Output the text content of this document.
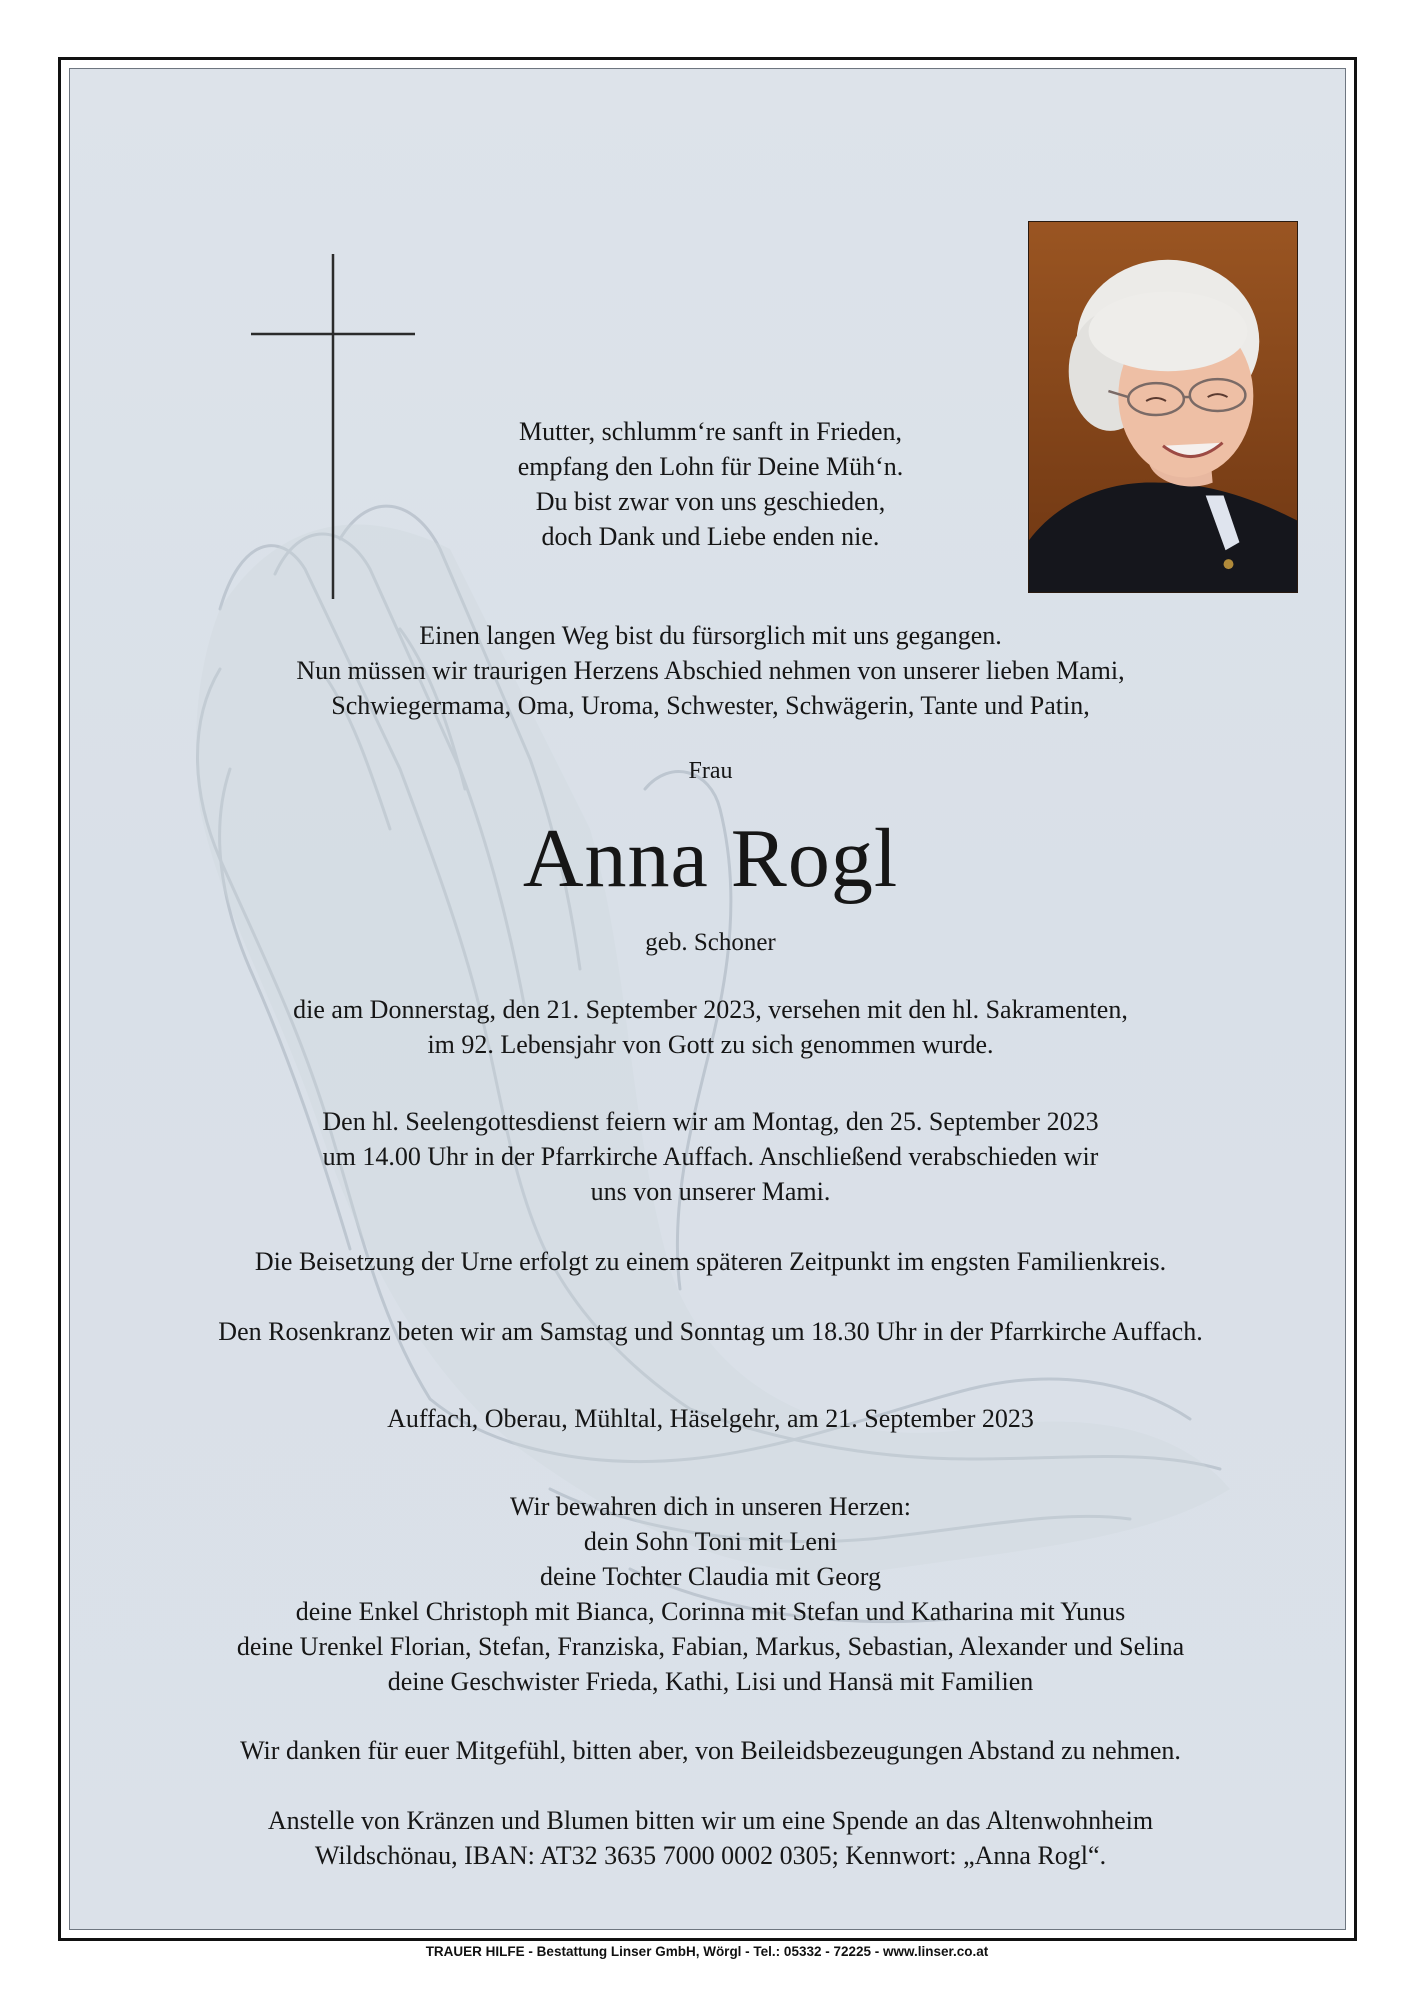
Mutter, schlumm‘re sanft in Frieden,

empfang den Lohn für Deine Müh‘n.

Du bist zwar von uns geschieden,

doch Dank und Liebe enden nie.

Einen langen Weg bist du fürsorglich mit uns gegangen.

Nun müssen wir traurigen Herzens Abschied nehmen von unserer lieben Mami,

Schwiegermama, Oma, Uroma, Schwester, Schwägerin, Tante und Patin,

Frau
Anna Rogl
geb. Schoner

die am Donnerstag, den 21. September 2023, versehen mit den hl. Sakramenten,

im 92. Lebensjahr von Gott zu sich genommen wurde.

Den hl. Seelengottesdienst feiern wir am Montag, den 25. September 2023

um 14.00 Uhr in der Pfarrkirche Auffach. Anschließend verabschieden wir

uns von unserer Mami.

Die Beisetzung der Urne erfolgt zu einem späteren Zeitpunkt im engsten Familienkreis.
Den Rosenkranz beten wir am Samstag und Sonntag um 18.30 Uhr in der Pfarrkirche Auffach.
Auffach, Oberau, Mühltal, Häselgehr, am 21. September 2023

Wir bewahren dich in unseren Herzen:

dein Sohn Toni mit Leni

deine Tochter Claudia mit Georg

deine Enkel Christoph mit Bianca, Corinna mit Stefan und Katharina mit Yunus

deine Urenkel Florian, Stefan, Franziska, Fabian, Markus, Sebastian, Alexander und Selina

deine Geschwister Frieda, Kathi, Lisi und Hansä mit Familien

Wir danken für euer Mitgefühl, bitten aber, von Beileidsbezeugungen Abstand zu nehmen.

Anstelle von Kränzen und Blumen bitten wir um eine Spende an das Altenwohnheim

Wildschönau, IBAN: AT32 3635 7000 0002 0305; Kennwort: „Anna Rogl“.

TRAUER HILFE - Bestattung Linser GmbH, Wörgl - Tel.: 05332 - 72225 - www.linser.co.at
